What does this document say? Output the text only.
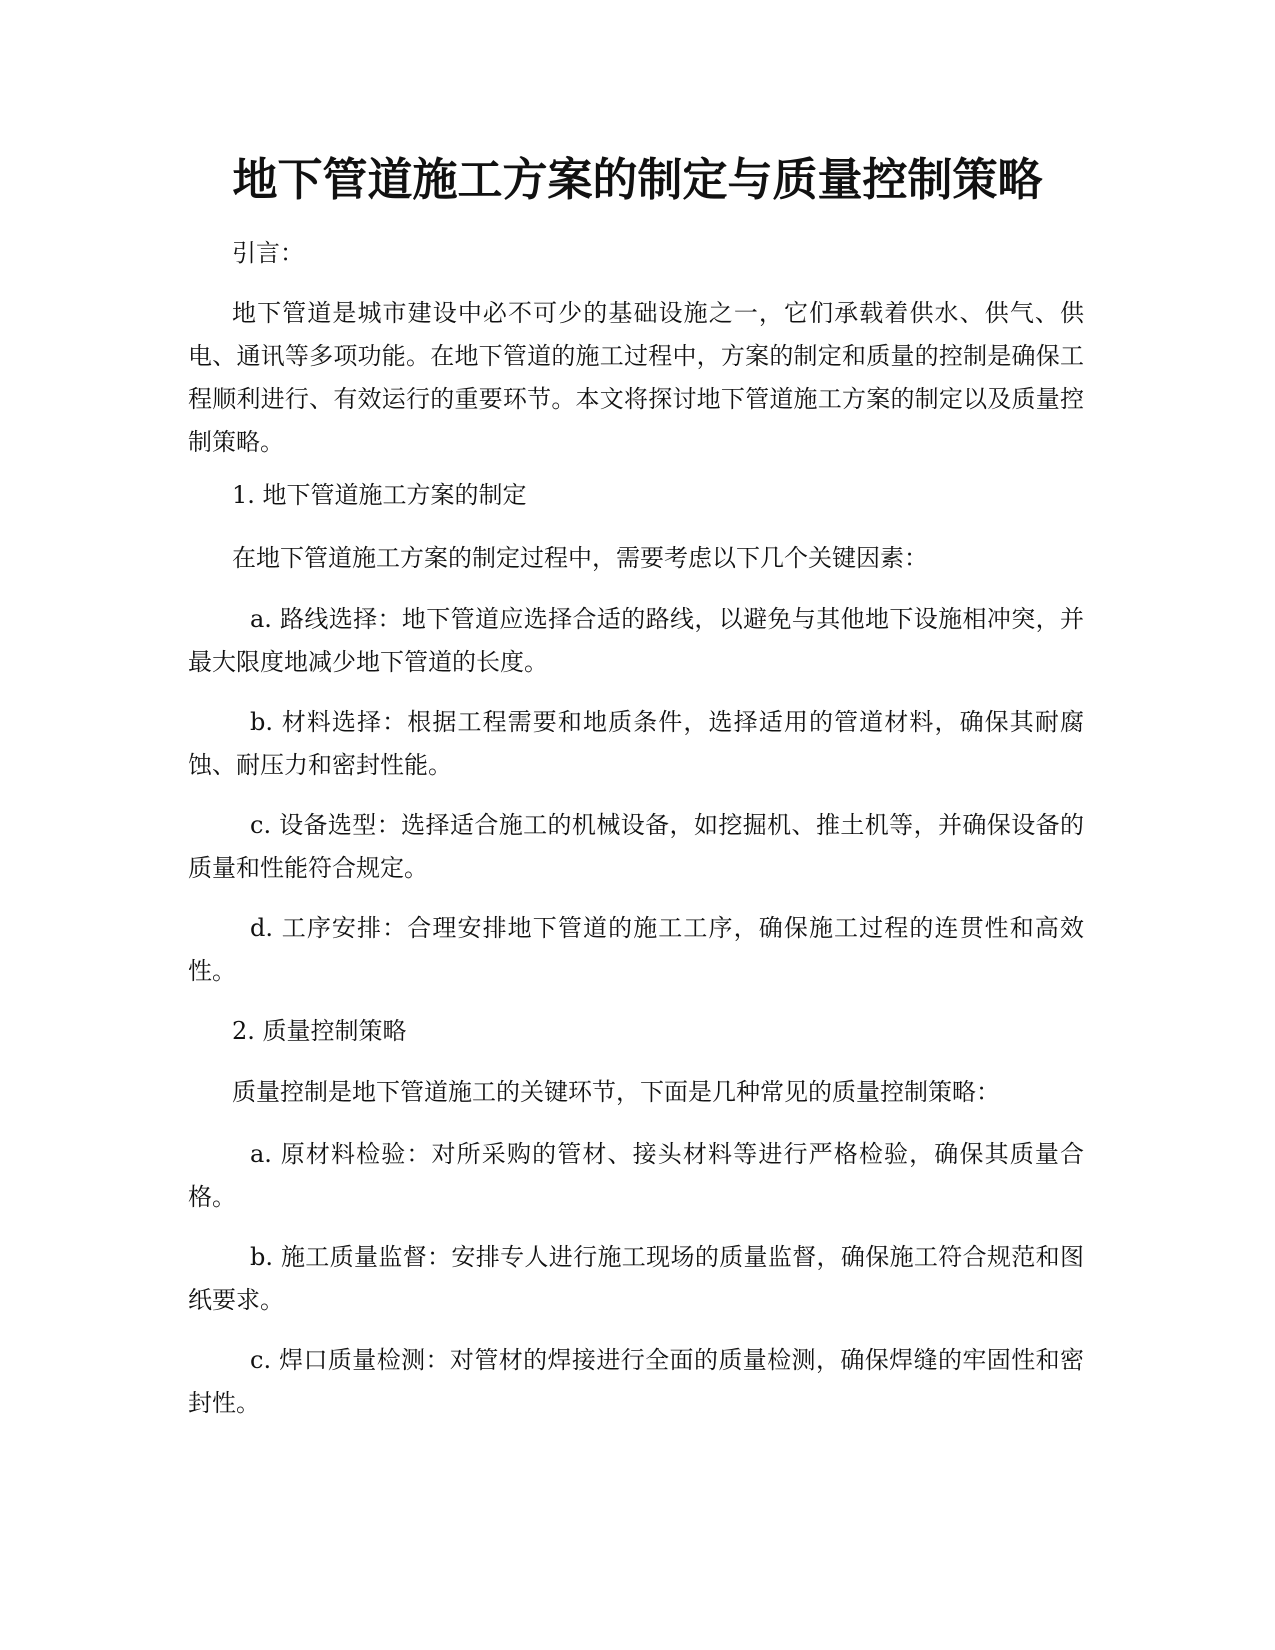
地下管道施工方案的制定与质量控制策略

引言：

地下管道是城市建设中必不可少的基础设施之一，它们承载着供水、供气、供电、通讯等多项功能。在地下管道的施工过程中，方案的制定和质量的控制是确保工程顺利进行、有效运行的重要环节。本文将探讨地下管道施工方案的制定以及质量控制策略。

1. 地下管道施工方案的制定

在地下管道施工方案的制定过程中，需要考虑以下几个关键因素：

a. 路线选择：地下管道应选择合适的路线，以避免与其他地下设施相冲突，并最大限度地减少地下管道的长度。

b. 材料选择：根据工程需要和地质条件，选择适用的管道材料，确保其耐腐蚀、耐压力和密封性能。

c. 设备选型：选择适合施工的机械设备，如挖掘机、推土机等，并确保设备的质量和性能符合规定。

d. 工序安排：合理安排地下管道的施工工序，确保施工过程的连贯性和高效性。

2. 质量控制策略

质量控制是地下管道施工的关键环节，下面是几种常见的质量控制策略：

a. 原材料检验：对所采购的管材、接头材料等进行严格检验，确保其质量合格。

b. 施工质量监督：安排专人进行施工现场的质量监督，确保施工符合规范和图纸要求。

c. 焊口质量检测：对管材的焊接进行全面的质量检测，确保焊缝的牢固性和密封性。
